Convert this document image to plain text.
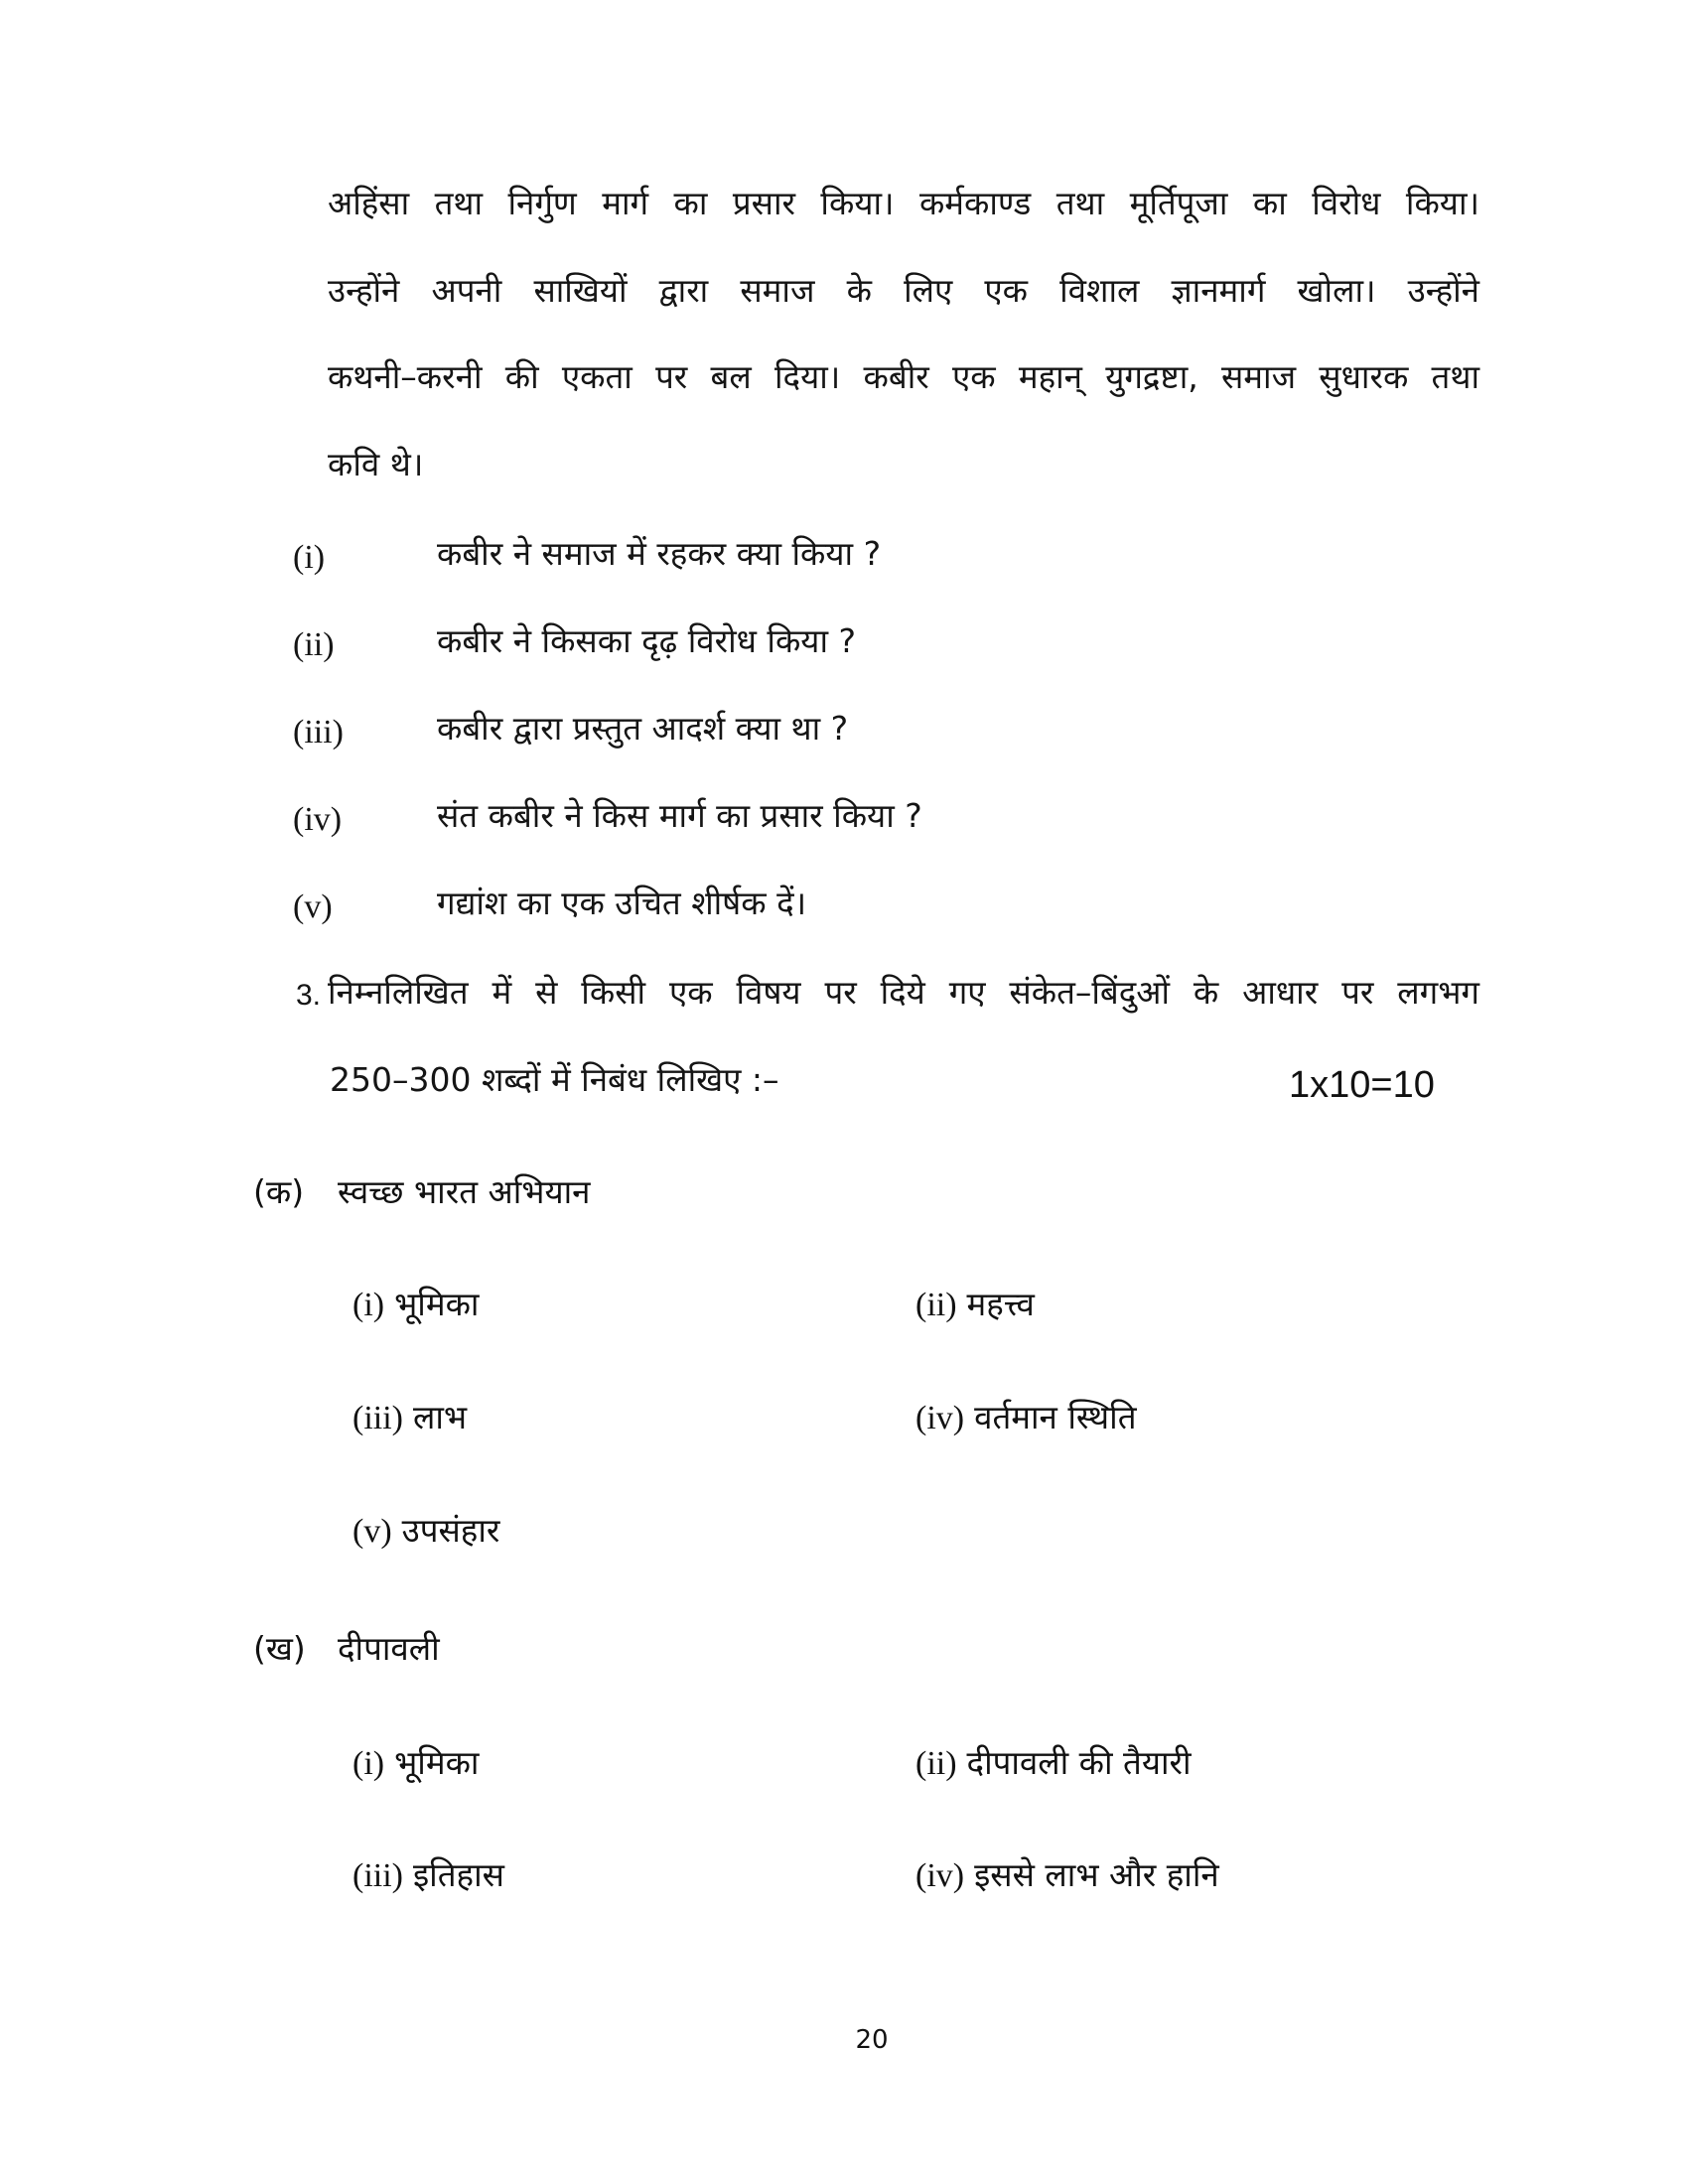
अहिंसा तथा निर्गुण मार्ग का प्रसार किया। कर्मकाण्ड तथा मूर्तिपूजा का विरोध किया।
उन्होंने अपनी साखियों द्वारा समाज के लिए एक विशाल ज्ञानमार्ग खोला। उन्होंने
कथनी–करनी की एकता पर बल दिया। कबीर एक महान् युगद्रष्टा, समाज सुधारक तथा
कवि थे।
(i)	कबीर ने समाज में रहकर क्या किया ?
(ii)	कबीर ने किसका दृढ़ विरोध किया ?
(iii)	कबीर द्वारा प्रस्तुत आदर्श क्या था ?
(iv)	संत कबीर ने किस मार्ग का प्रसार किया ?
(v)	गद्यांश का एक उचित शीर्षक दें।
3. निम्नलिखित में से किसी एक विषय पर दिये गए संकेत–बिंदुओं के आधार पर लगभग
250–300 शब्दों में निबंध लिखिए :–	1x10=10
(क) स्वच्छ भारत अभियान
(i) भूमिका	(ii) महत्त्व
(iii) लाभ	(iv) वर्तमान स्थिति
(v) उपसंहार
(ख) दीपावली
(i) भूमिका	(ii) दीपावली की तैयारी
(iii) इतिहास	(iv) इससे लाभ और हानि
20
